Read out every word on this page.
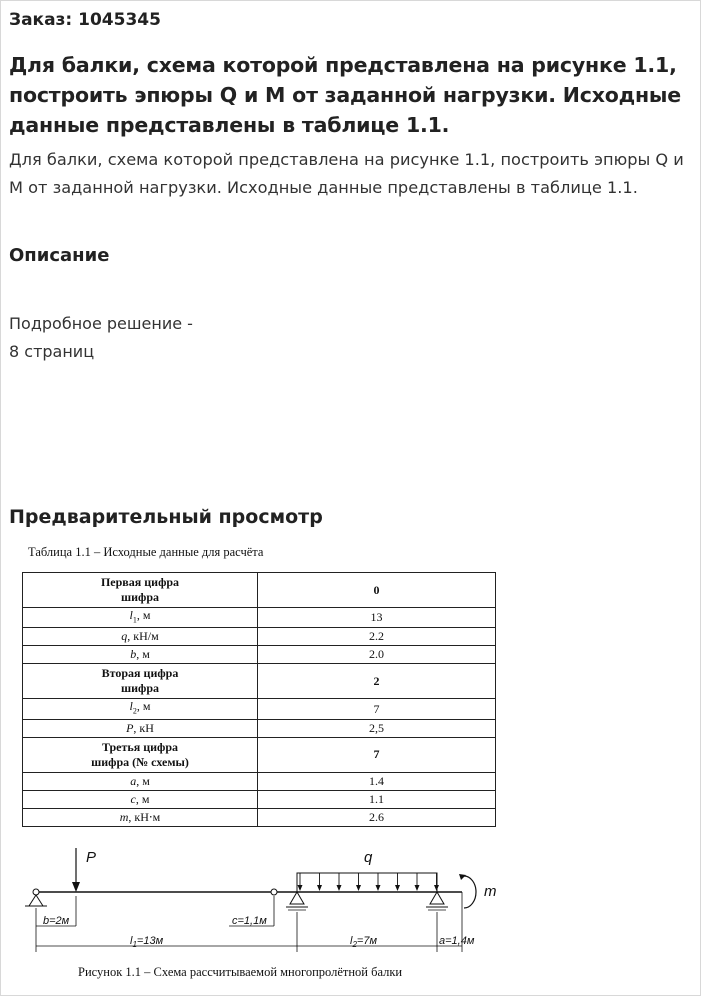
Заказ: 1045345
Для балки, схема которой представлена на рисунке 1.1, построить эпюры Q и М от заданной нагрузки. Исходные данные представлены в таблице 1.1.
Для балки, схема которой представлена на рисунке 1.1, построить эпюры Q и М от заданной нагрузки. Исходные данные представлены в таблице 1.1.
Описание
Подробное решение -
8 страниц
Предварительный просмотр
Таблица 1.1 – Исходные данные для расчёта
Первая цифра
шифра	0
$l_1$, м	13
q, кН/м	2.2
b, м	2.0

Вторая цифра
шифра	2
$l_2$, м	7
P, кН	2,5

Третья цифра
шифра (№ схемы)	7
a, м	1.4
c, м	1.1
m, кН⋅м	2.6
P	q
m
b=2м	c=1,1м
$l_1=13м$	$l_2=7м$	a=1,4м
Рисунок 1.1 – Схема рассчитываемой многопролётной балки
